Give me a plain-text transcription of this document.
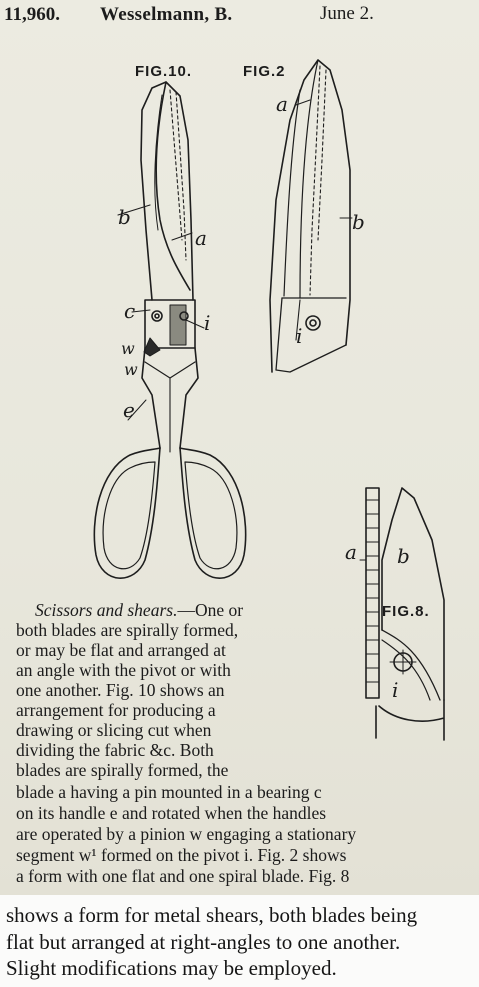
11,960. Wesselmann, B.	June 2.
FIG.10.	FIG.2
FIG.8.
b
a
c	i
w
w
e
a
b
i
a b
i
Scissors and shears.—One or
both blades are spirally formed,
or may be flat and arranged at
an angle with the pivot or with
one another. Fig. 10 shows an
arrangement for producing a
drawing or slicing cut when
dividing the fabric &c. Both
blades are spirally formed, the
blade a having a pin mounted in a bearing c
on its handle e and rotated when the handles
are operated by a pinion w engaging a stationary
segment w¹ formed on the pivot i. Fig. 2 shows
a form with one flat and one spiral blade. Fig. 8
shows a form for metal shears, both blades being
flat but arranged at right-angles to one another.
Slight modifications may be employed.
